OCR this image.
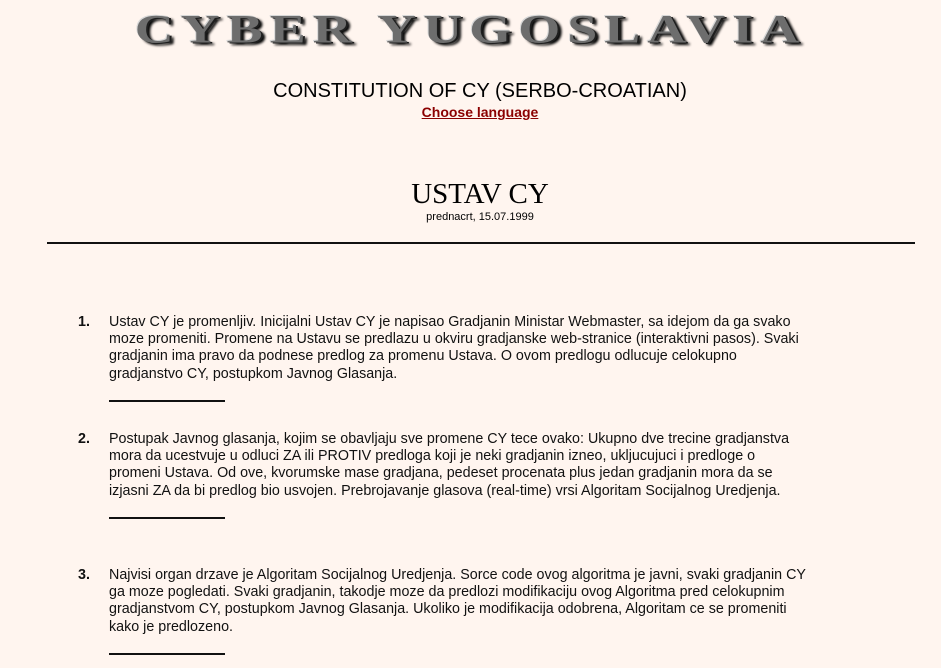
CYBER YUGOSLAVIA
CONSTITUTION OF CY (SERBO-CROATIAN)
Choose language
USTAV CY
prednacrt, 15.07.1999
1.	Ustav CY je promenljiv. Inicijalni Ustav CY je napisao Gradjanin Ministar Webmaster, sa idejom da ga svako moze promeniti. Promene na Ustavu se predlazu u okviru gradjanske web-stranice (interaktivni pasos). Svaki gradjanin ima pravo da podnese predlog za promenu Ustava. O ovom predlogu odlucuje celokupno gradjanstvo CY, postupkom Javnog Glasanja.
2.	Postupak Javnog glasanja, kojim se obavljaju sve promene CY tece ovako: Ukupno dve trecine gradjanstva mora da ucestvuje u odluci ZA ili PROTIV predloga koji je neki gradjanin izneo, ukljucujuci i predloge o promeni Ustava. Od ove, kvorumske mase gradjana, pedeset procenata plus jedan gradjanin mora da se izjasni ZA da bi predlog bio usvojen. Prebrojavanje glasova (real-time) vrsi Algoritam Socijalnog Uredjenja.
3.	Najvisi organ drzave je Algoritam Socijalnog Uredjenja. Sorce code ovog algoritma je javni, svaki gradjanin CY ga moze pogledati. Svaki gradjanin, takodje moze da predlozi modifikaciju ovog Algoritma pred celokupnim gradjanstvom CY, postupkom Javnog Glasanja. Ukoliko je modifikacija odobrena, Algoritam ce se promeniti kako je predlozeno.
